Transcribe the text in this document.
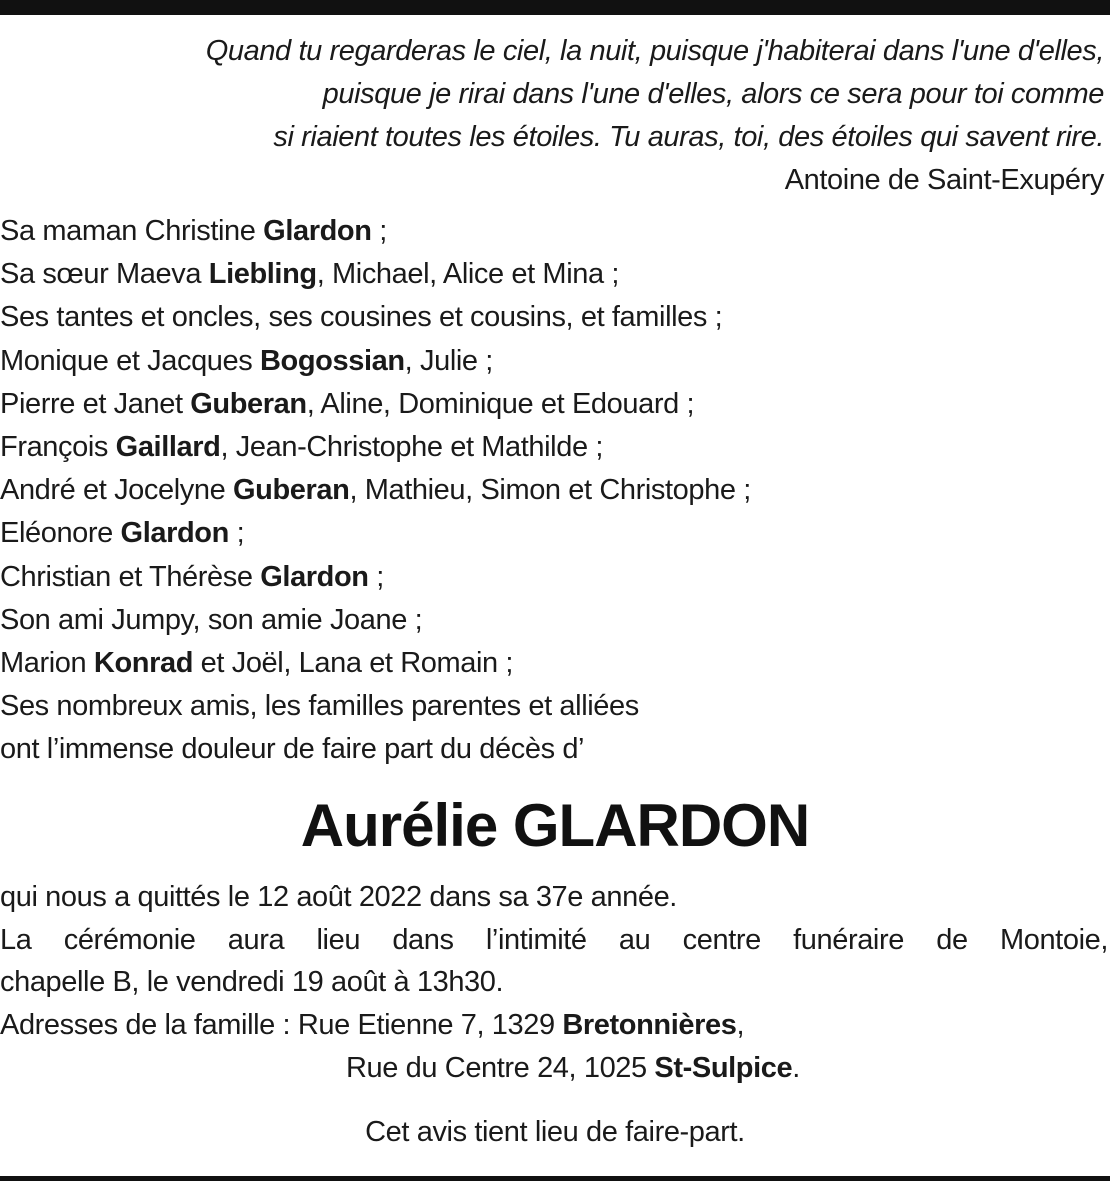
Quand tu regarderas le ciel, la nuit, puisque j'habiterai dans l'une d'elles,
puisque je rirai dans l'une d'elles, alors ce sera pour toi comme
si riaient toutes les étoiles. Tu auras, toi, des étoiles qui savent rire.
Antoine de Saint-Exupéry
Sa maman Christine Glardon ;
Sa sœur Maeva Liebling, Michael, Alice et Mina ;
Ses tantes et oncles, ses cousines et cousins, et familles ;
Monique et Jacques Bogossian, Julie ;
Pierre et Janet Guberan, Aline, Dominique et Edouard ;
François Gaillard, Jean-Christophe et Mathilde ;
André et Jocelyne Guberan, Mathieu, Simon et Christophe ;
Eléonore Glardon ;
Christian et Thérèse Glardon ;
Son ami Jumpy, son amie Joane ;
Marion Konrad et Joël, Lana et Romain ;
Ses nombreux amis, les familles parentes et alliées
ont l’immense douleur de faire part du décès d’
Aurélie GLARDON
qui nous a quittés le 12 août 2022 dans sa 37e année.
La cérémonie aura lieu dans l’intimité au centre funéraire de Montoie,
chapelle B, le vendredi 19 août à 13h30.
Adresses de la famille : Rue Etienne 7, 1329 Bretonnières,
Rue du Centre 24, 1025 St-Sulpice.
Cet avis tient lieu de faire-part.
